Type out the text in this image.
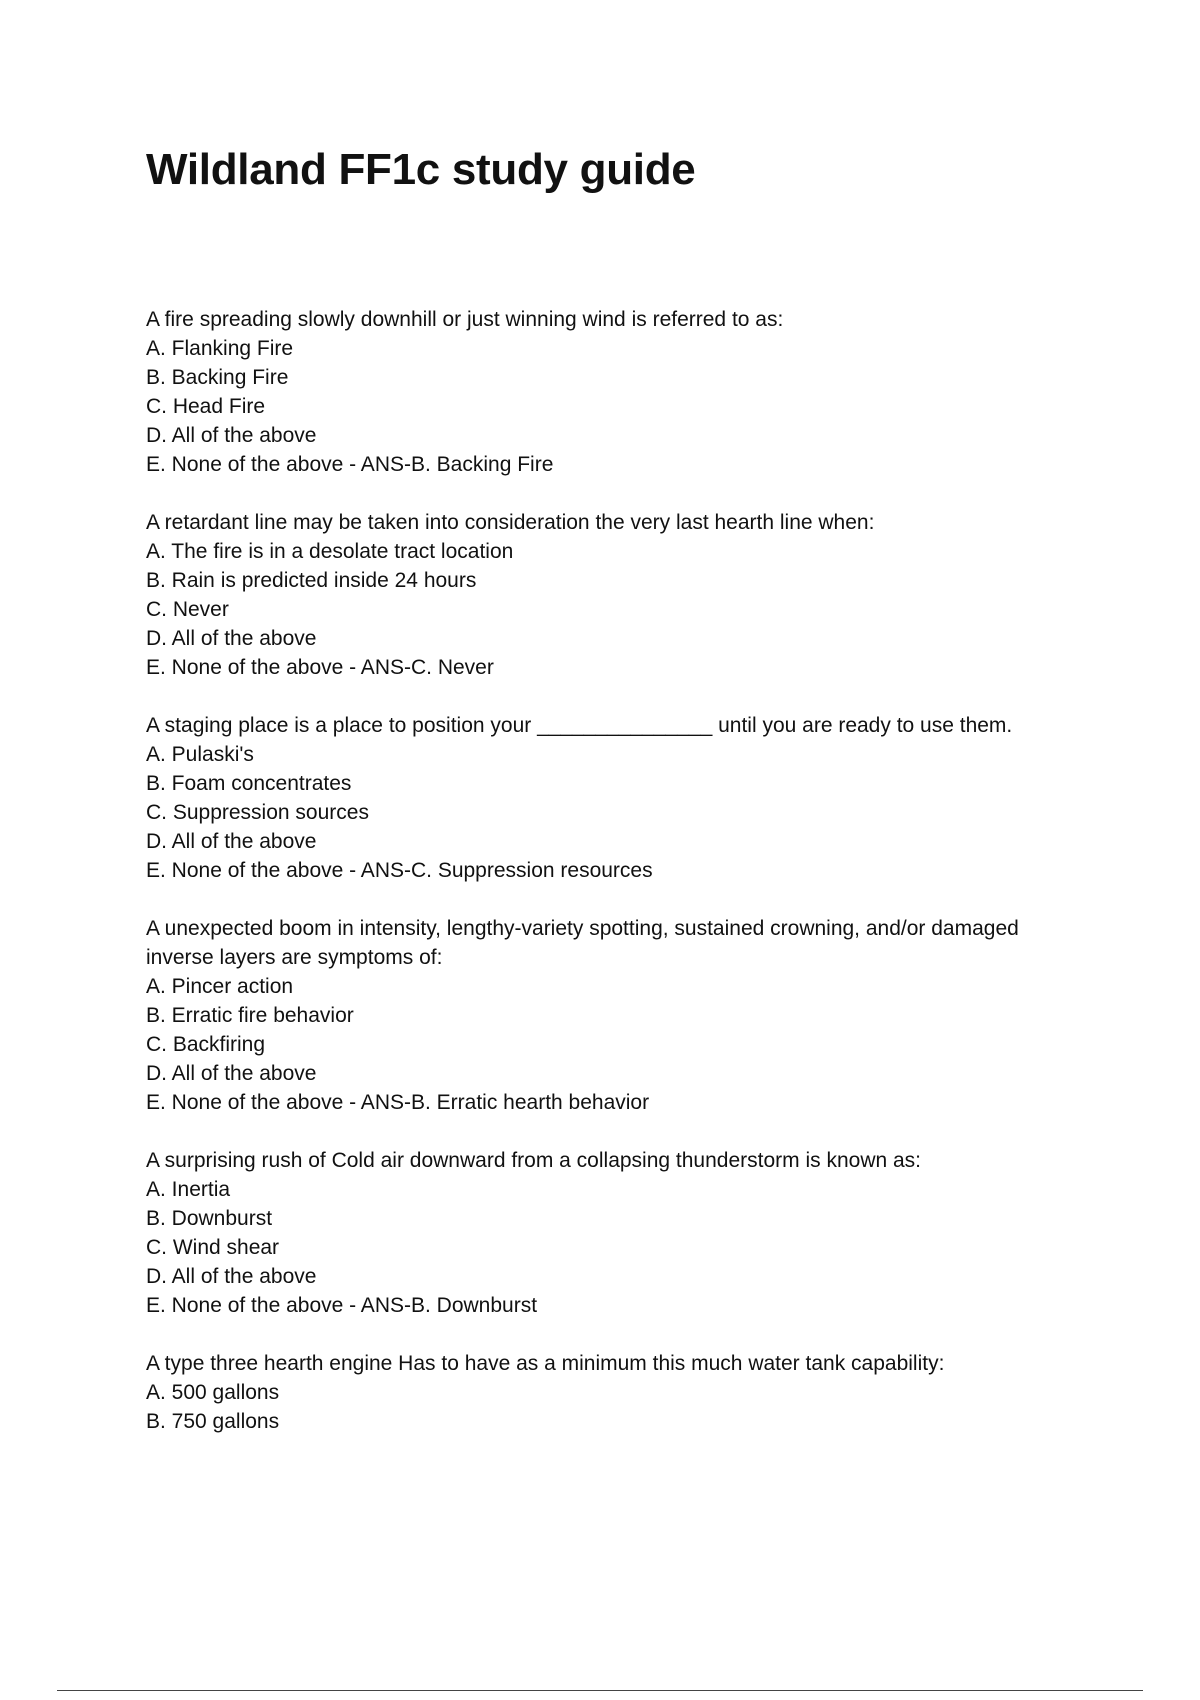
Wildland FF1c study guide

A fire spreading slowly downhill or just winning wind is referred to as:

A. Flanking Fire

B. Backing Fire

C. Head Fire

D. All of the above

E. None of the above - ANS-B. Backing Fire

A retardant line may be taken into consideration the very last hearth line when:

A. The fire is in a desolate tract location

B. Rain is predicted inside 24 hours

C. Never

D. All of the above

E. None of the above - ANS-C. Never

A staging place is a place to position your _______________ until you are ready to use them.

A. Pulaski's

B. Foam concentrates

C. Suppression sources

D. All of the above

E. None of the above - ANS-C. Suppression resources

A unexpected boom in intensity, lengthy-variety spotting, sustained crowning, and/or damaged inverse layers are symptoms of:

A. Pincer action

B. Erratic fire behavior

C. Backfiring

D. All of the above

E. None of the above - ANS-B. Erratic hearth behavior

A surprising rush of Cold air downward from a collapsing thunderstorm is known as:

A. Inertia

B. Downburst

C. Wind shear

D. All of the above

E. None of the above - ANS-B. Downburst

A type three hearth engine Has to have as a minimum this much water tank capability:

A. 500 gallons

B. 750 gallons
